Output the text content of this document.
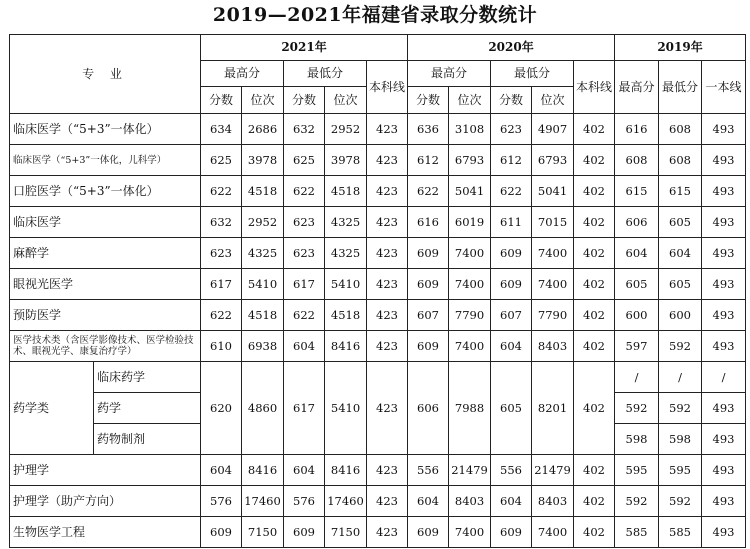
2019—2021年福建省录取分数统计
专 业		2021年					2020年					2019年		
		最高分		最低分		本科线	最高分		最低分		本科线	最高分	最低分	一本线
		分数	位次	分数	位次		分数	位次	分数	位次				
临床医学（“5+3”一体化）		634	2686	632	2952	423	636	3108	623	4907	402	616	608	493
临床医学（“5+3”一体化，儿科学）		625	3978	625	3978	423	612	6793	612	6793	402	608	608	493
口腔医学（“5+3”一体化）		622	4518	622	4518	423	622	5041	622	5041	402	615	615	493
临床医学		632	2952	623	4325	423	616	6019	611	7015	402	606	605	493
麻醉学		623	4325	623	4325	423	609	7400	609	7400	402	604	604	493
眼视光医学		617	5410	617	5410	423	609	7400	609	7400	402	605	605	493
预防医学		622	4518	622	4518	423	607	7790	607	7790	402	600	600	493
医学技术类（含医学影像技术、医学检验技术、眼视光学、康复治疗学）		610	6938	604	8416	423	609	7400	604	8403	402	597	592	493
药学类	临床药学	620	4860	617	5410	423	606	7988	605	8201	402	/	/	/
	药学											592	592	493
	药物制剂											598	598	493
护理学		604	8416	604	8416	423	556	21479	556	21479	402	595	595	493
护理学（助产方向）		576	17460	576	17460	423	604	8403	604	8403	402	592	592	493
生物医学工程		609	7150	609	7150	423	609	7400	609	7400	402	585	585	493
